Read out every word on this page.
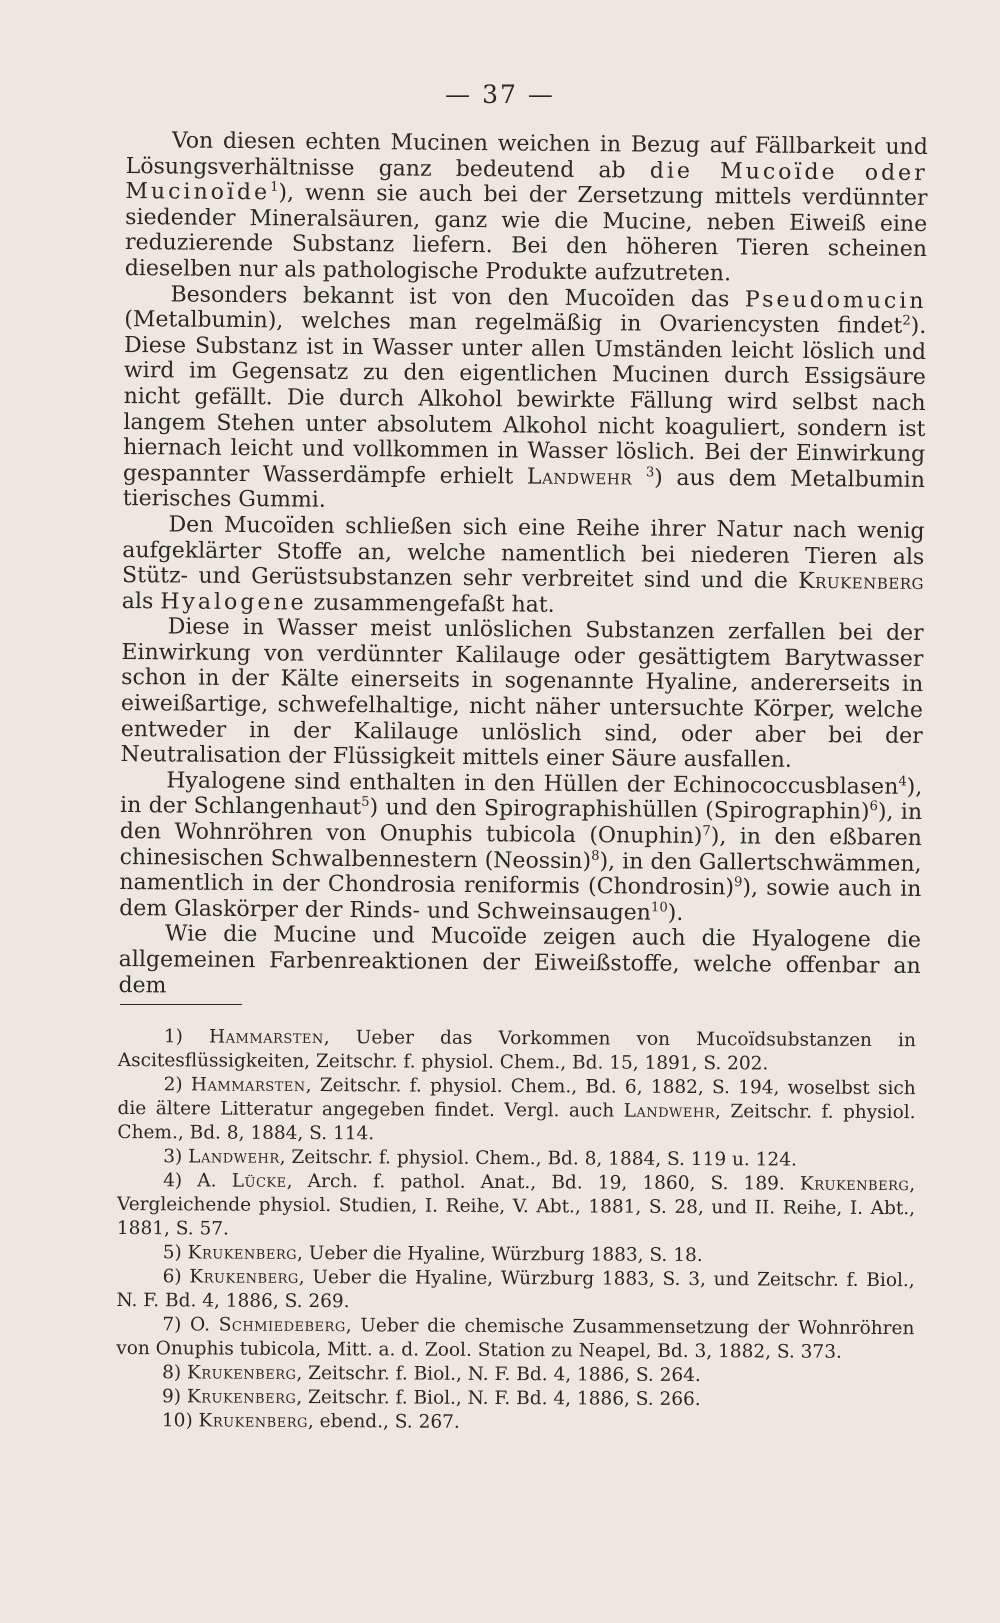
— 37 —

Von diesen echten Mucinen weichen in Bezug auf Fällbarkeit und Lösungsverhältnisse ganz bedeutend ab die Mucoïde oder Mucinoïde$^1$), wenn sie auch bei der Zersetzung mittels verdünnter siedender Mineralsäuren, ganz wie die Mucine, neben Eiweiß eine reduzierende Substanz liefern. Bei den höheren Tieren scheinen dieselben nur als pathologische Produkte aufzutreten.

Besonders bekannt ist von den Mucoïden das Pseudomucin (Metalbumin), welches man regelmäßig in Ovariencysten findet$^2$). Diese Substanz ist in Wasser unter allen Umständen leicht löslich und wird im Gegensatz zu den eigentlichen Mucinen durch Essigsäure nicht gefällt. Die durch Alkohol bewirkte Fällung wird selbst nach langem Stehen unter absolutem Alkohol nicht koaguliert, sondern ist hiernach leicht und vollkommen in Wasser löslich. Bei der Einwirkung gespannter Wasserdämpfe erhielt Landwehr $^3$) aus dem Metalbumin tierisches Gummi.

Den Mucoïden schließen sich eine Reihe ihrer Natur nach wenig aufgeklärter Stoffe an, welche namentlich bei niederen Tieren als Stütz- und Gerüstsubstanzen sehr verbreitet sind und die Krukenberg als Hyalogene zusammengefaßt hat.

Diese in Wasser meist unlöslichen Substanzen zerfallen bei der Einwirkung von verdünnter Kalilauge oder gesättigtem Barytwasser schon in der Kälte einerseits in sogenannte Hyaline, andererseits in eiweißartige, schwefelhaltige, nicht näher untersuchte Körper, welche entweder in der Kalilauge unlöslich sind, oder aber bei der Neutralisation der Flüssigkeit mittels einer Säure ausfallen.

Hyalogene sind enthalten in den Hüllen der Echinococcusblasen$^4$), in der Schlangenhaut$^5$) und den Spirographishüllen (Spirographin)$^6$), in den Wohnröhren von Onuphis tubicola (Onuphin)$^7$), in den eßbaren chinesischen Schwalbennestern (Neossin)$^8$), in den Gallertschwämmen, namentlich in der Chondrosia reniformis (Chondrosin)$^9$), sowie auch in dem Glaskörper der Rinds- und Schweinsaugen$^{10}$).

Wie die Mucine und Mucoïde zeigen auch die Hyalogene die allgemeinen Farbenreaktionen der Eiweißstoffe, welche offenbar an dem

1) Hammarsten, Ueber das Vorkommen von Mucoïdsubstanzen in Ascitesflüssigkeiten, Zeitschr. f. physiol. Chem., Bd. 15, 1891, S. 202.

2) Hammarsten, Zeitschr. f. physiol. Chem., Bd. 6, 1882, S. 194, woselbst sich die ältere Litteratur angegeben findet. Vergl. auch Landwehr, Zeitschr. f. physiol. Chem., Bd. 8, 1884, S. 114.

3) Landwehr, Zeitschr. f. physiol. Chem., Bd. 8, 1884, S. 119 u. 124.

4) A. Lücke, Arch. f. pathol. Anat., Bd. 19, 1860, S. 189. Krukenberg, Vergleichende physiol. Studien, I. Reihe, V. Abt., 1881, S. 28, und II. Reihe, I. Abt., 1881, S. 57.

5) Krukenberg, Ueber die Hyaline, Würzburg 1883, S. 18.

6) Krukenberg, Ueber die Hyaline, Würzburg 1883, S. 3, und Zeitschr. f. Biol., N. F. Bd. 4, 1886, S. 269.

7) O. Schmiedeberg, Ueber die chemische Zusammensetzung der Wohnröhren von Onuphis tubicola, Mitt. a. d. Zool. Station zu Neapel, Bd. 3, 1882, S. 373.

8) Krukenberg, Zeitschr. f. Biol., N. F. Bd. 4, 1886, S. 264.

9) Krukenberg, Zeitschr. f. Biol., N. F. Bd. 4, 1886, S. 266.

10) Krukenberg, ebend., S. 267.
